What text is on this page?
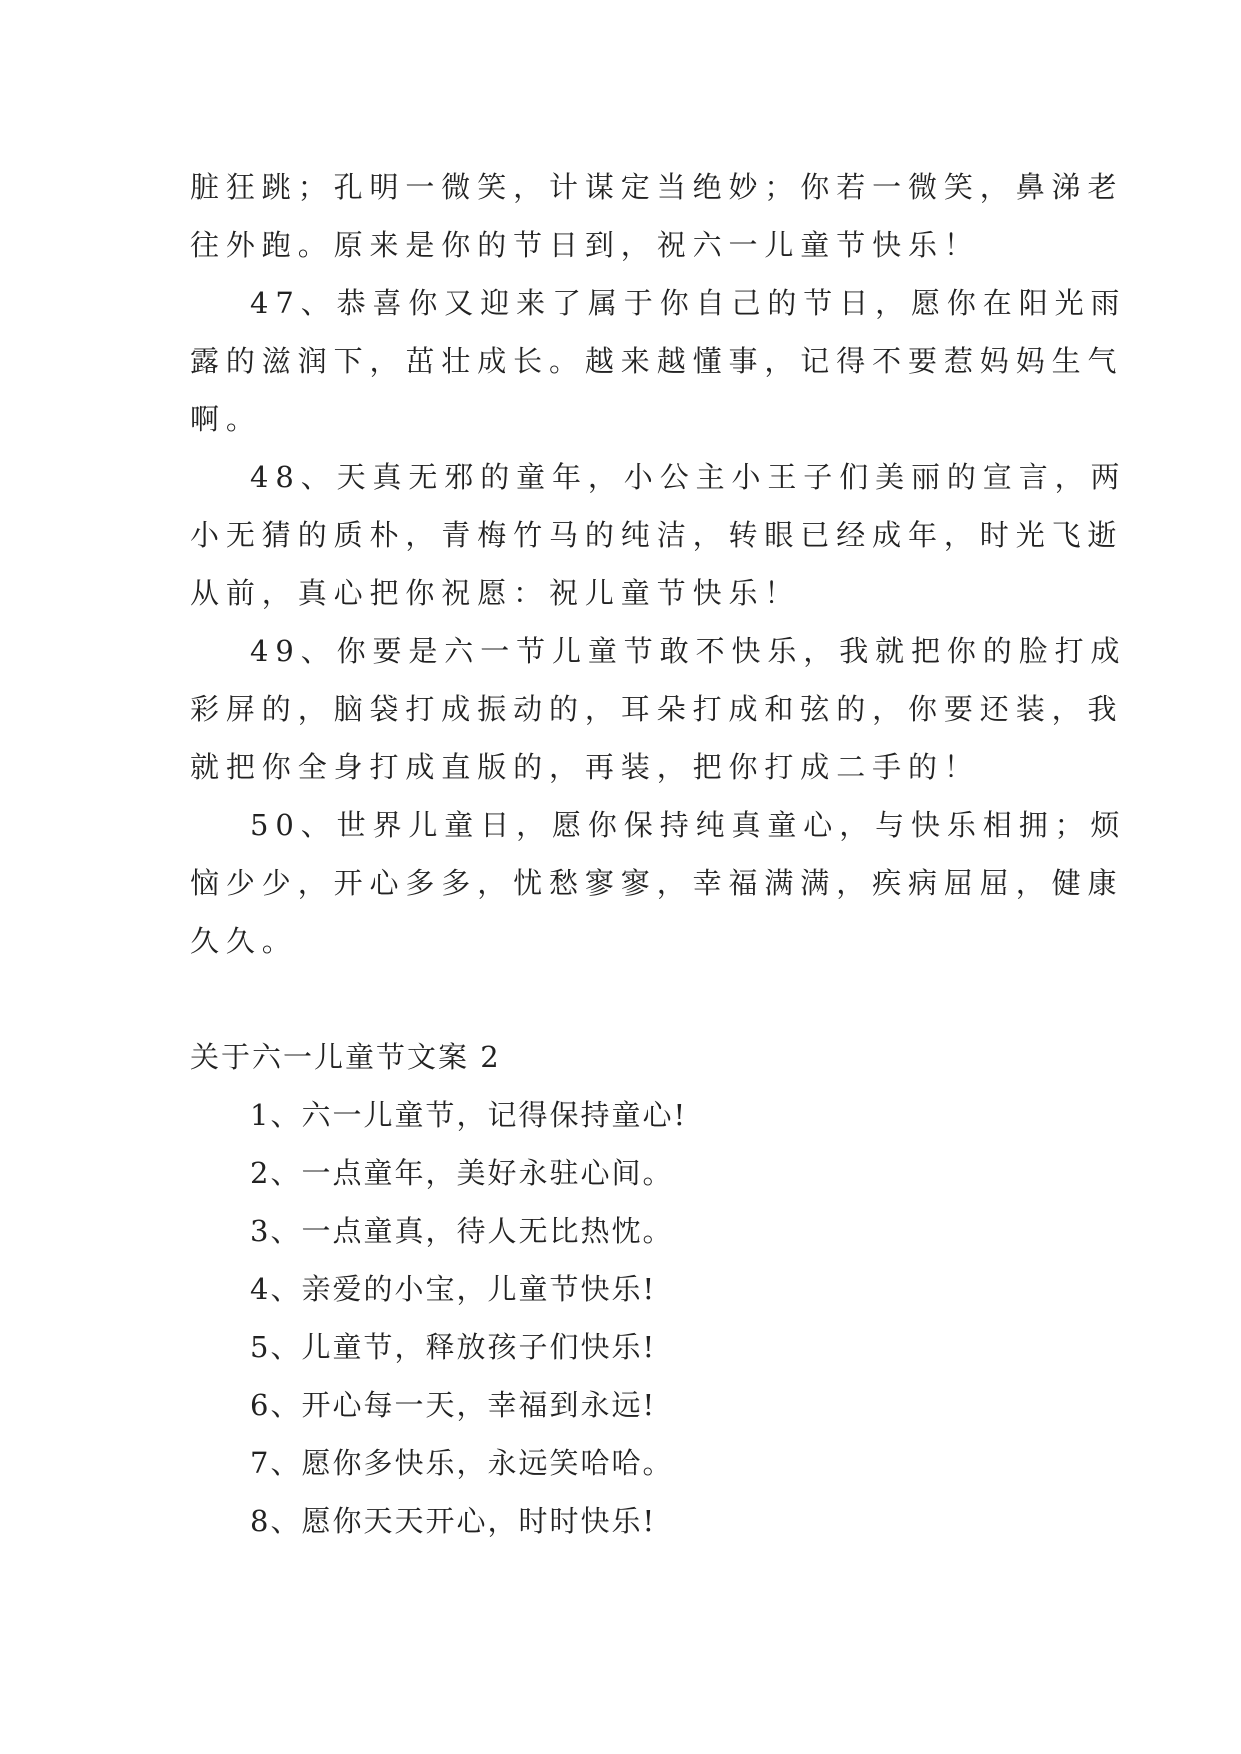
脏狂跳；孔明一微笑，计谋定当绝妙；你若一微笑，鼻涕老
往外跑。原来是你的节日到，祝六一儿童节快乐！
47、恭喜你又迎来了属于你自己的节日，愿你在阳光雨
露的滋润下，茁壮成长。越来越懂事，记得不要惹妈妈生气
啊。
48、天真无邪的童年，小公主小王子们美丽的宣言，两
小无猜的质朴，青梅竹马的纯洁，转眼已经成年，时光飞逝
从前，真心把你祝愿：祝儿童节快乐！
49、你要是六一节儿童节敢不快乐，我就把你的脸打成
彩屏的，脑袋打成振动的，耳朵打成和弦的，你要还装，我
就把你全身打成直版的，再装，把你打成二手的！
50、世界儿童日，愿你保持纯真童心，与快乐相拥；烦
恼少少，开心多多，忧愁寥寥，幸福满满，疾病屈屈，健康
久久。
关于六一儿童节文案 2
1、六一儿童节，记得保持童心!
2、一点童年，美好永驻心间。
3、一点童真，待人无比热忱。
4、亲爱的小宝，儿童节快乐!
5、儿童节，释放孩子们快乐!
6、开心每一天，幸福到永远!
7、愿你多快乐，永远笑哈哈。
8、愿你天天开心，时时快乐!
